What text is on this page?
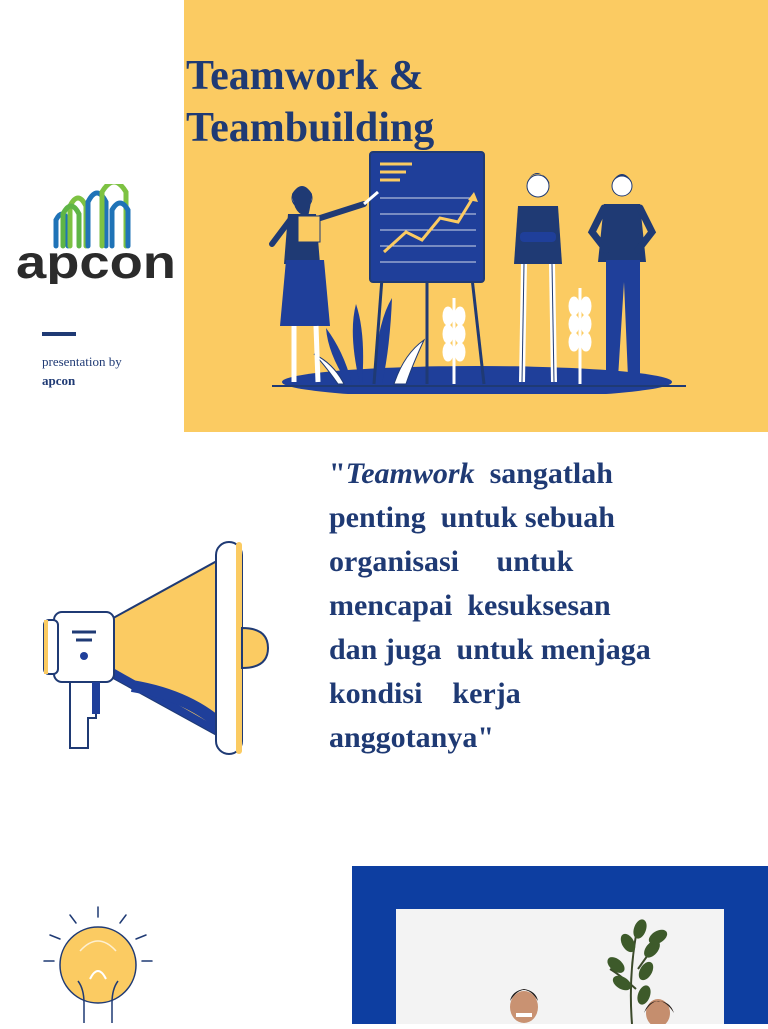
Teamwork &
Teambuilding
apcon
presentation by
apcon
"Teamwork  sangatlah
penting  untuk sebuah
organisasi     untuk
mencapai  kesuksesan
dan juga  untuk menjaga
kondisi    kerja
anggotanya"
